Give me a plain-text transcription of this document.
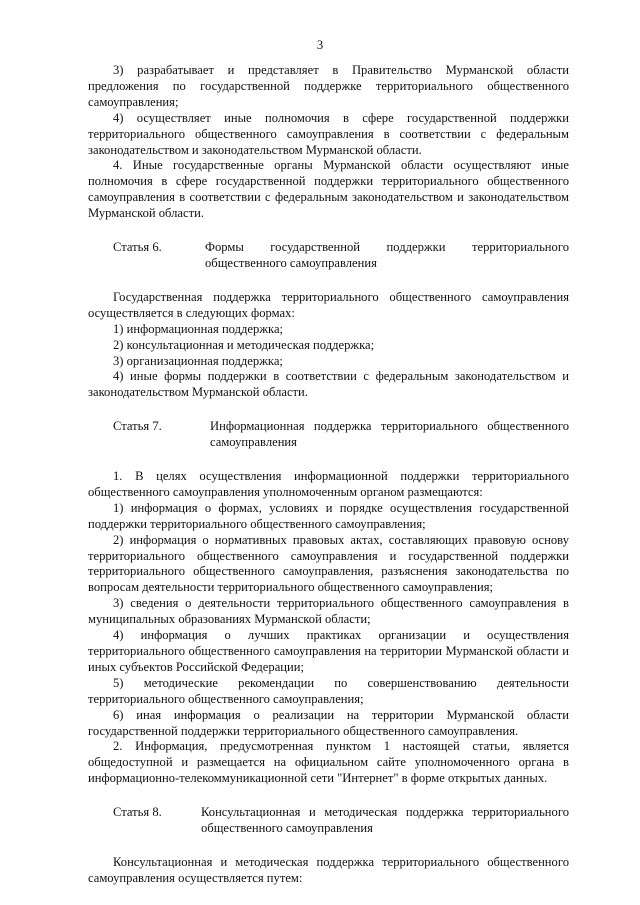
3

3) разрабатывает и представляет в Правительство Мурманской области предложения по государственной поддержке территориального общественного самоуправления;

4) осуществляет иные полномочия в сфере государственной поддержки территориального общественного самоуправления в соответствии с федеральным законодательством и законодательством Мурманской области.

4. Иные государственные органы Мурманской области осуществляют иные полномочия в сфере государственной поддержки территориального общественного самоуправления в соответствии с федеральным законодательством и законодательством Мурманской области.

Статья 6.	Формы государственной поддержки территориального общественного самоуправления

Государственная поддержка территориального общественного самоуправления осуществляется в следующих формах:

1) информационная поддержка;

2) консультационная и методическая поддержка;

3) организационная поддержка;

4) иные формы поддержки в соответствии с федеральным законодательством и законодательством Мурманской области.

Статья 7.	Информационная поддержка территориального общественного самоуправления

1. В целях осуществления информационной поддержки территориального общественного самоуправления уполномоченным органом размещаются:

1) информация о формах, условиях и порядке осуществления государственной поддержки территориального общественного самоуправления;

2) информация о нормативных правовых актах, составляющих правовую основу территориального общественного самоуправления и государственной поддержки территориального общественного самоуправления, разъяснения законодательства по вопросам деятельности территориального общественного самоуправления;

3) сведения о деятельности территориального общественного самоуправления в муниципальных образованиях Мурманской области;

4) информация о лучших практиках организации и осуществления территориального общественного самоуправления на территории Мурманской области и иных субъектов Российской Федерации;

5) методические рекомендации по совершенствованию деятельности территориального общественного самоуправления;

6) иная информация о реализации на территории Мурманской области государственной поддержки территориального общественного самоуправления.

2. Информация, предусмотренная пунктом 1 настоящей статьи, является общедоступной и размещается на официальном сайте уполномоченного органа в информационно-телекоммуникационной сети "Интернет" в форме открытых данных.

Статья 8.	Консультационная и методическая поддержка территориального общественного самоуправления

Консультационная и методическая поддержка территориального общественного самоуправления осуществляется путем:
